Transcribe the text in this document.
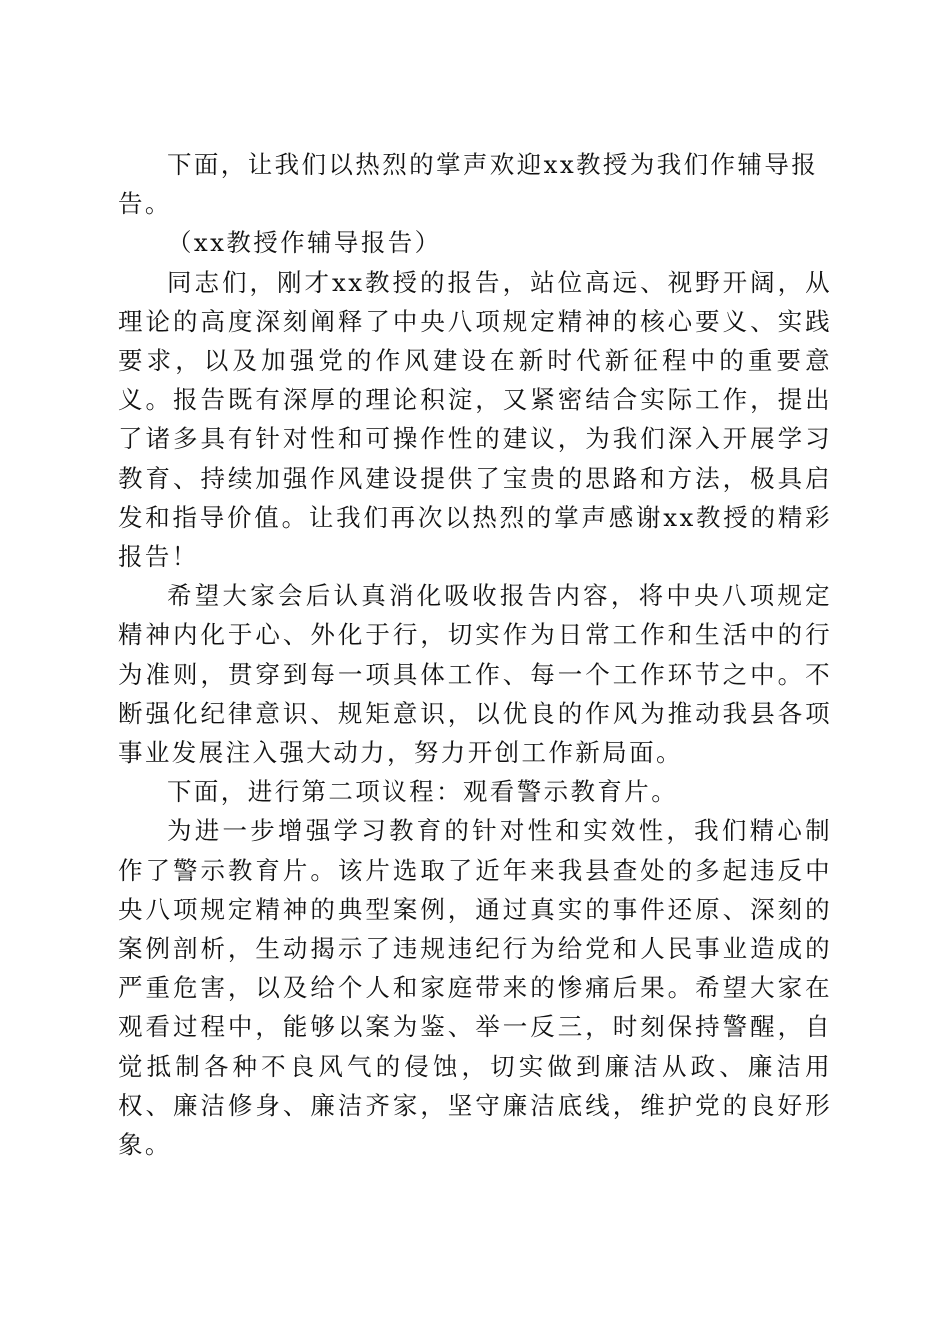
下面，让我们以热烈的掌声欢迎xx教授为我们作辅导报告。

（xx教授作辅导报告）

同志们，刚才xx教授的报告，站位高远、视野开阔，从理论的高度深刻阐释了中央八项规定精神的核心要义、实践要求，以及加强党的作风建设在新时代新征程中的重要意义。报告既有深厚的理论积淀，又紧密结合实际工作，提出了诸多具有针对性和可操作性的建议，为我们深入开展学习教育、持续加强作风建设提供了宝贵的思路和方法，极具启发和指导价值。让我们再次以热烈的掌声感谢xx教授的精彩报告！

希望大家会后认真消化吸收报告内容，将中央八项规定精神内化于心、外化于行，切实作为日常工作和生活中的行为准则，贯穿到每一项具体工作、每一个工作环节之中。不断强化纪律意识、规矩意识，以优良的作风为推动我县各项事业发展注入强大动力，努力开创工作新局面。

下面，进行第二项议程：观看警示教育片。

为进一步增强学习教育的针对性和实效性，我们精心制作了警示教育片。该片选取了近年来我县查处的多起违反中央八项规定精神的典型案例，通过真实的事件还原、深刻的案例剖析，生动揭示了违规违纪行为给党和人民事业造成的严重危害，以及给个人和家庭带来的惨痛后果。希望大家在观看过程中，能够以案为鉴、举一反三，时刻保持警醒，自觉抵制各种不良风气的侵蚀，切实做到廉洁从政、廉洁用权、廉洁修身、廉洁齐家，坚守廉洁底线，维护党的良好形象。
